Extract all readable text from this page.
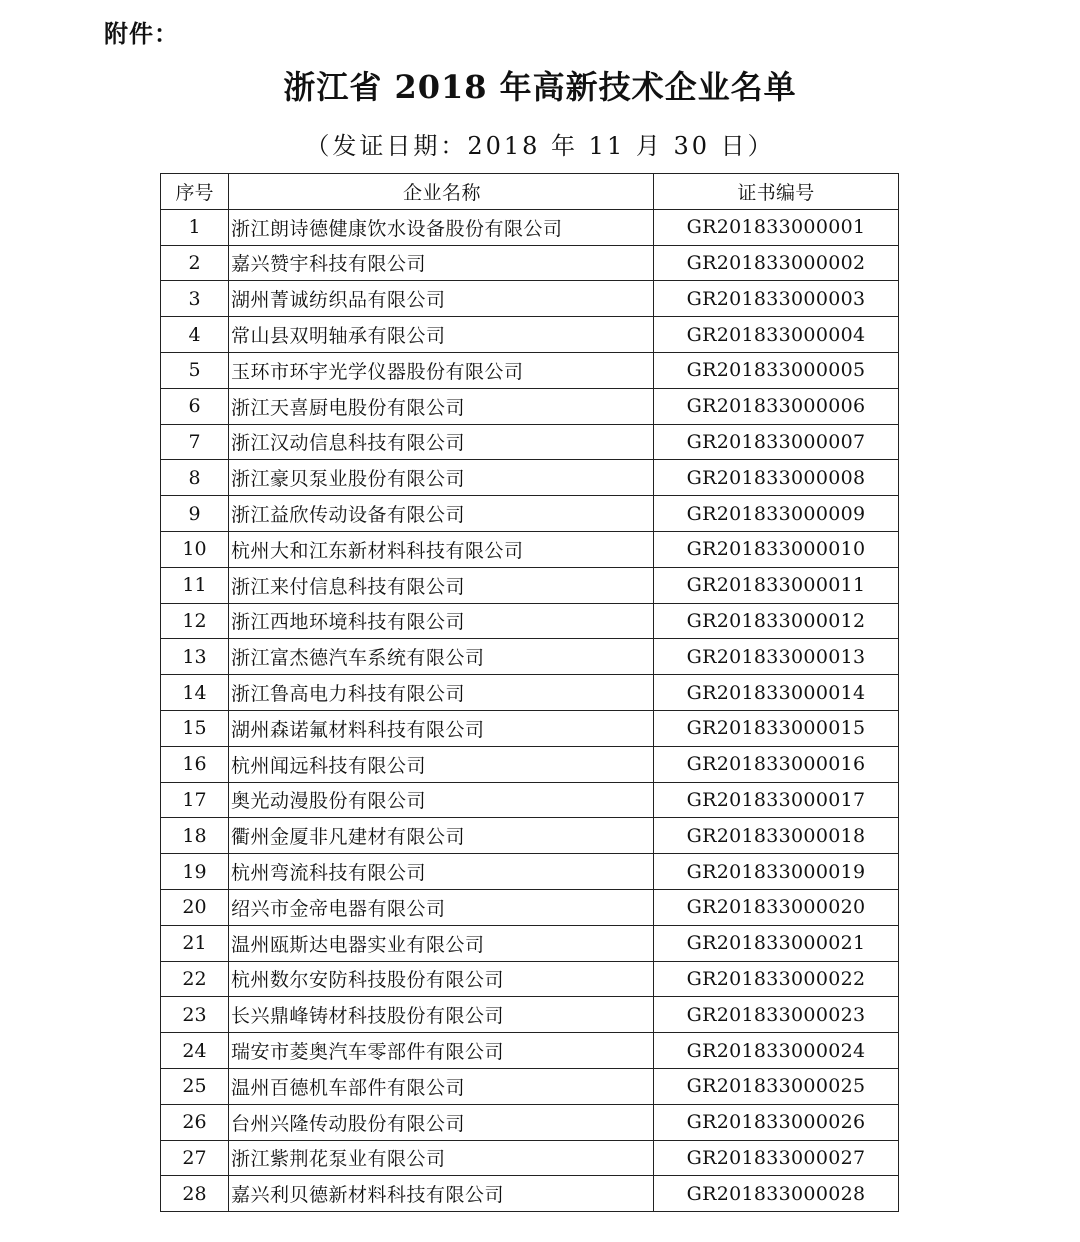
附件：
浙江省 2018 年高新技术企业名单
（发证日期：2018 年 11 月 30 日）
序号	企业名称	证书编号
1	浙江朗诗德健康饮水设备股份有限公司	GR201833000001
2	嘉兴赞宇科技有限公司	GR201833000002
3	湖州菁诚纺织品有限公司	GR201833000003
4	常山县双明轴承有限公司	GR201833000004
5	玉环市环宇光学仪器股份有限公司	GR201833000005
6	浙江天喜厨电股份有限公司	GR201833000006
7	浙江汉动信息科技有限公司	GR201833000007
8	浙江豪贝泵业股份有限公司	GR201833000008
9	浙江益欣传动设备有限公司	GR201833000009
10	杭州大和江东新材料科技有限公司	GR201833000010
11	浙江来付信息科技有限公司	GR201833000011
12	浙江西地环境科技有限公司	GR201833000012
13	浙江富杰德汽车系统有限公司	GR201833000013
14	浙江鲁高电力科技有限公司	GR201833000014
15	湖州森诺氟材料科技有限公司	GR201833000015
16	杭州闻远科技有限公司	GR201833000016
17	奥光动漫股份有限公司	GR201833000017
18	衢州金厦非凡建材有限公司	GR201833000018
19	杭州弯流科技有限公司	GR201833000019
20	绍兴市金帝电器有限公司	GR201833000020
21	温州瓯斯达电器实业有限公司	GR201833000021
22	杭州数尔安防科技股份有限公司	GR201833000022
23	长兴鼎峰铸材科技股份有限公司	GR201833000023
24	瑞安市菱奥汽车零部件有限公司	GR201833000024
25	温州百德机车部件有限公司	GR201833000025
26	台州兴隆传动股份有限公司	GR201833000026
27	浙江紫荆花泵业有限公司	GR201833000027
28	嘉兴利贝德新材料科技有限公司	GR201833000028
